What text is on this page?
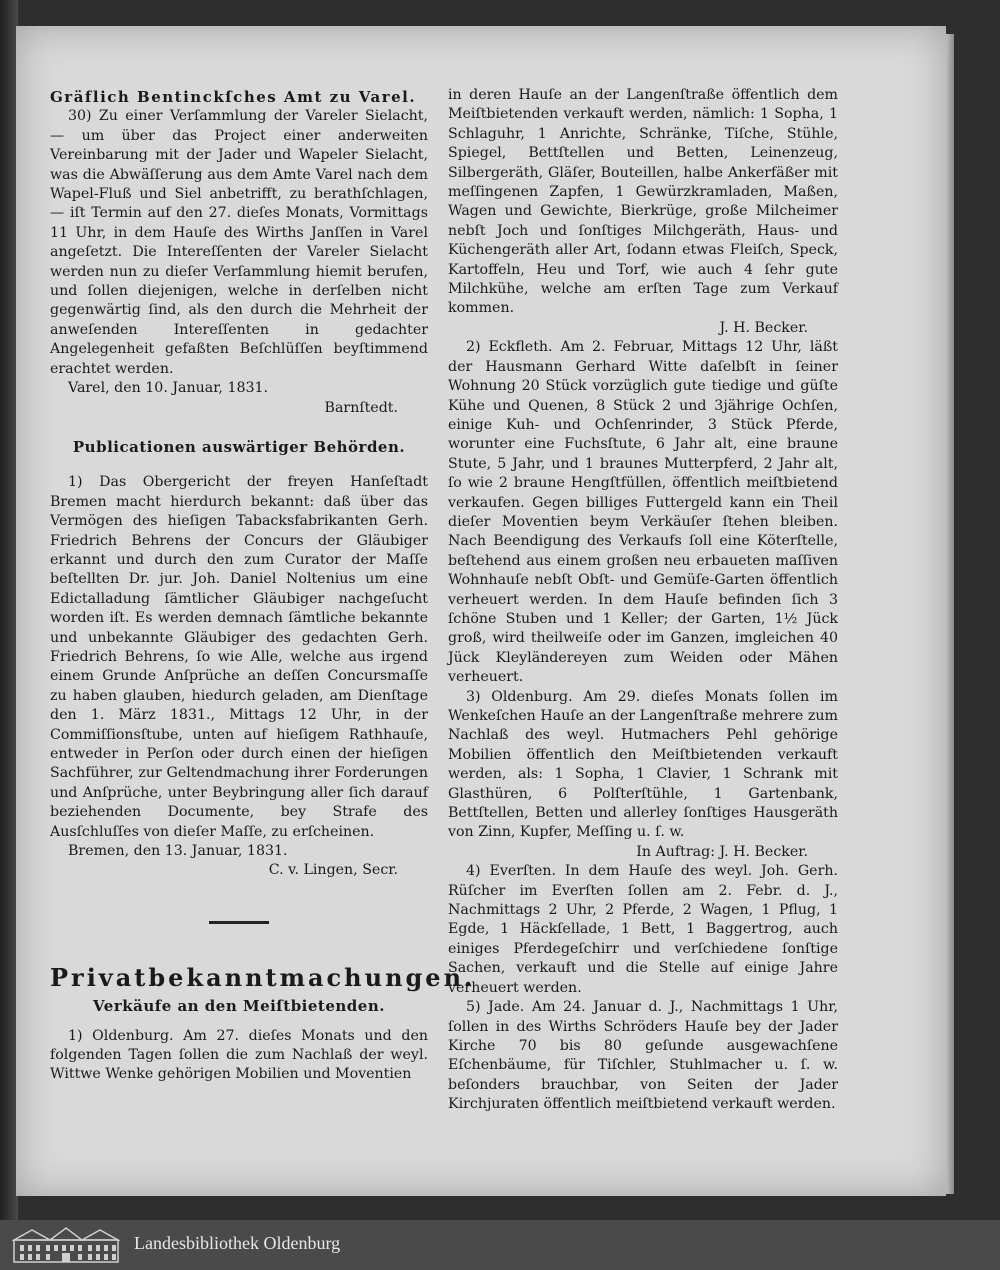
Gräflich Bentinckſches Amt zu Varel.

30) Zu einer Verſammlung der Vareler Sielacht, — um über das Project einer anderweiten Vereinbarung mit der Jader und Wapeler Sielacht, was die Abwäſſerung aus dem Amte Varel nach dem Wapel-Fluß und Siel anbetrifft, zu berathſchlagen, — iſt Termin auf den 27. dieſes Monats, Vormittags 11 Uhr, in dem Hauſe des Wirths Janſſen in Varel angeſetzt. Die Intereſſenten der Vareler Sielacht werden nun zu dieſer Verſammlung hiemit berufen, und ſollen diejenigen, welche in derſelben nicht gegenwärtig ſind, als den durch die Mehrheit der anweſenden Intereſſenten in gedachter Angelegenheit gefaßten Beſchlüſſen beyſtimmend erachtet werden.

Varel, den 10. Januar, 1831.

Barnſtedt.

Publicationen auswärtiger Behörden.

1) Das Obergericht der freyen Hanſeſtadt Bremen macht hierdurch bekannt: daß über das Vermögen des hieſigen Tabacksfabrikanten Gerh. Friedrich Behrens der Concurs der Gläubiger erkannt und durch den zum Curator der Maſſe beſtellten Dr. jur. Joh. Daniel Noltenius um eine Edictalladung ſämtlicher Gläubiger nachgeſucht worden iſt. Es werden demnach ſämtliche bekannte und unbekannte Gläubiger des gedachten Gerh. Friedrich Behrens, ſo wie Alle, welche aus irgend einem Grunde Anſprüche an deſſen Concursmaſſe zu haben glauben, hiedurch geladen, am Dienſtage den 1. März 1831., Mittags 12 Uhr, in der Commiſſionsſtube, unten auf hieſigem Rathhauſe, entweder in Perſon oder durch einen der hieſigen Sachführer, zur Geltendmachung ihrer Forderungen und Anſprüche, unter Beybringung aller ſich darauf beziehenden Documente, bey Strafe des Ausſchluſſes von dieſer Maſſe, zu erſcheinen.

Bremen, den 13. Januar, 1831.

C. v. Lingen, Secr.

Privatbekanntmachungen.

Verkäufe an den Meiſtbietenden.

1) Oldenburg. Am 27. dieſes Monats und den folgenden Tagen ſollen die zum Nachlaß der weyl. Wittwe Wenke gehörigen Mobilien und Moventien

in deren Hauſe an der Langenſtraße öffentlich dem Meiſtbietenden verkauft werden, nämlich: 1 Sopha, 1 Schlaguhr, 1 Anrichte, Schränke, Tiſche, Stühle, Spiegel, Bettſtellen und Betten, Leinenzeug, Silbergeräth, Gläſer, Bouteillen, halbe Ankerfäßer mit meſſingenen Zapfen, 1 Gewürzkramladen, Maßen, Wagen und Gewichte, Bierkrüge, große Milcheimer nebſt Joch und ſonſtiges Milchgeräth, Haus- und Küchengeräth aller Art, ſodann etwas Fleiſch, Speck, Kartoffeln, Heu und Torf, wie auch 4 ſehr gute Milchkühe, welche am erſten Tage zum Verkauf kommen.

J. H. Becker.

2) Eckfleth. Am 2. Februar, Mittags 12 Uhr, läßt der Hausmann Gerhard Witte daſelbſt in ſeiner Wohnung 20 Stück vorzüglich gute tiedige und güſte Kühe und Quenen, 8 Stück 2 und 3jährige Ochſen, einige Kuh- und Ochſenrinder, 3 Stück Pferde, worunter eine Fuchsſtute, 6 Jahr alt, eine braune Stute, 5 Jahr, und 1 braunes Mutterpferd, 2 Jahr alt, ſo wie 2 braune Hengſtfüllen, öffentlich meiſtbietend verkaufen. Gegen billiges Futtergeld kann ein Theil dieſer Moventien beym Verkäuſer ſtehen bleiben. Nach Beendigung des Verkaufs ſoll eine Köterſtelle, beſtehend aus einem großen neu erbaueten maſſiven Wohnhauſe nebſt Obſt- und Gemüſe-Garten öffentlich verheuert werden. In dem Hauſe befinden ſich 3 ſchöne Stuben und 1 Keller; der Garten, 1½ Jück groß, wird theilweiſe oder im Ganzen, imgleichen 40 Jück Kleyländereyen zum Weiden oder Mähen verheuert.

3) Oldenburg. Am 29. dieſes Monats ſollen im Wenkeſchen Hauſe an der Langenſtraße mehrere zum Nachlaß des weyl. Hutmachers Pehl gehörige Mobilien öffentlich den Meiſtbietenden verkauft werden, als: 1 Sopha, 1 Clavier, 1 Schrank mit Glasthüren, 6 Polſterſtühle, 1 Gartenbank, Bettſtellen, Betten und allerley ſonſtiges Hausgeräth von Zinn, Kupfer, Meſſing u. ſ. w.

In Auftrag: J. H. Becker.

4) Everſten. In dem Hauſe des weyl. Joh. Gerh. Rüſcher im Everſten ſollen am 2. Febr. d. J., Nachmittags 2 Uhr, 2 Pferde, 2 Wagen, 1 Pflug, 1 Egde, 1 Häckſellade, 1 Bett, 1 Baggertrog, auch einiges Pferdegeſchirr und verſchiedene ſonſtige Sachen, verkauft und die Stelle auf einige Jahre verheuert werden.

5) Jade. Am 24. Januar d. J., Nachmittags 1 Uhr, ſollen in des Wirths Schröders Hauſe bey der Jader Kirche 70 bis 80 geſunde ausgewachſene Eſchenbäume, für Tiſchler, Stuhlmacher u. ſ. w. beſonders brauchbar, von Seiten der Jader Kirchjuraten öffentlich meiſtbietend verkauft werden.

Landesbibliothek Oldenburg
